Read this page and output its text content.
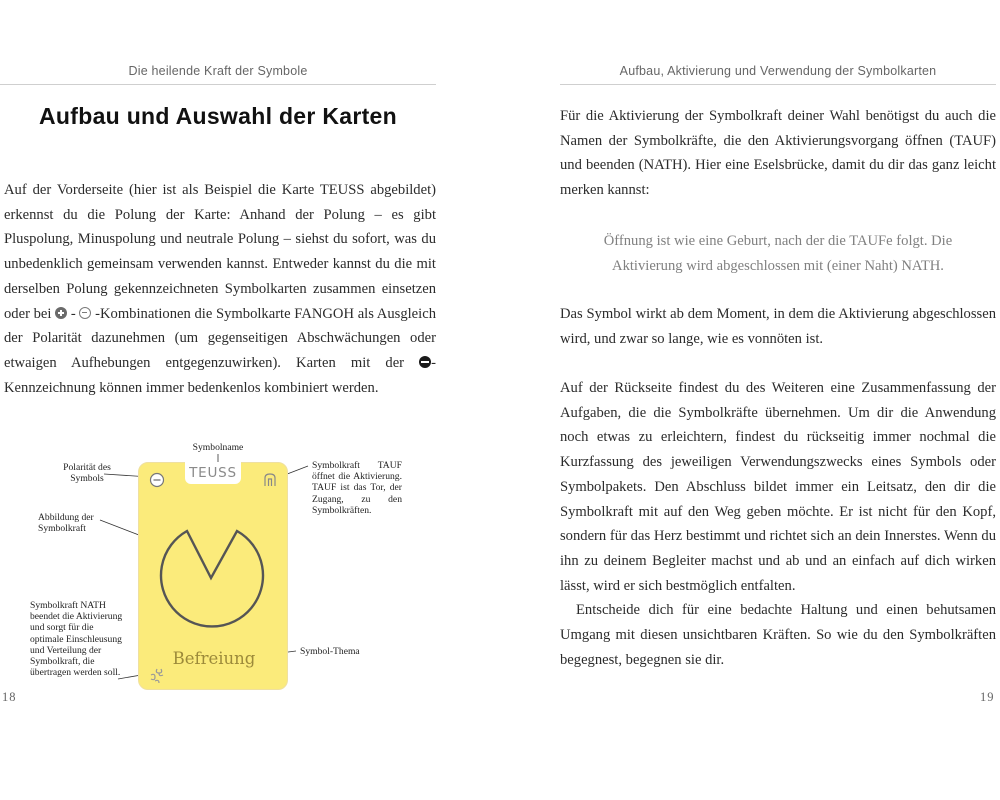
Die heilende Kraft der Symbole
Aufbau und Auswahl der Karten

Auf der Vorderseite (hier ist als Beispiel die Karte TEUSS abgebildet) erkennst du die Polung der Karte: Anhand der Polung – es gibt Pluspolung, Minuspolung und neutrale Polung – siehst du sofort, was du unbedenklich gemeinsam verwenden kannst. Entweder kannst du die mit derselben Polung gekennzeichneten Symbolkarten zusammen einsetzen oder bei  -  -Kombinationen die Symbolkarte FANGOH als Ausgleich der Polarität dazunehmen (um gegenseitigen Abschwächungen oder etwaigen Aufhebungen entgegenzuwirken). Karten mit der -Kennzeichnung können immer bedenkenlos kombiniert werden.

TEUSS
Befreiung
Symbolname
Polarität des Symbols
Symbolkraft TAUF öffnet die Aktivierung. TAUF ist das Tor, der Zugang, zu den Symbolkräften.
Abbildung der Symbolkraft
Symbolkraft NATH beendet die Aktivierung und sorgt für die optimale Einschleusung und Verteilung der Symbolkraft, die übertragen werden soll.
Symbol-Thema
18
Aufbau, Aktivierung und Verwendung der Symbolkarten

Für die Aktivierung der Symbolkraft deiner Wahl benötigst du auch die Namen der Symbolkräfte, die den Aktivierungsvorgang öffnen (TAUF) und beenden (NATH). Hier eine Eselsbrücke, damit du dir das ganz leicht merken kannst:

Öffnung ist wie eine Geburt, nach der die TAUFe folgt. Die Aktivierung wird abgeschlossen mit (einer Naht) NATH.

Das Symbol wirkt ab dem Moment, in dem die Aktivierung abgeschlossen wird, und zwar so lange, wie es vonnöten ist.

Auf der Rückseite findest du des Weiteren eine Zusammenfassung der Aufgaben, die die Symbolkräfte übernehmen. Um dir die Anwendung noch etwas zu erleichtern, findest du rückseitig immer nochmal die Kurzfassung des jeweiligen Verwendungszwecks eines Symbols oder Symbolpakets. Den Abschluss bildet immer ein Leitsatz, den dir die Symbolkraft mit auf den Weg geben möchte. Er ist nicht für den Kopf, sondern für das Herz bestimmt und richtet sich an dein Innerstes. Wenn du ihn zu deinem Begleiter machst und ab und an einfach auf dich wirken lässt, wird er sich bestmöglich entfalten.

Entscheide dich für eine bedachte Haltung und einen behutsamen Umgang mit diesen unsichtbaren Kräften. So wie du den Symbolkräften begegnest, begegnen sie dir.

19
